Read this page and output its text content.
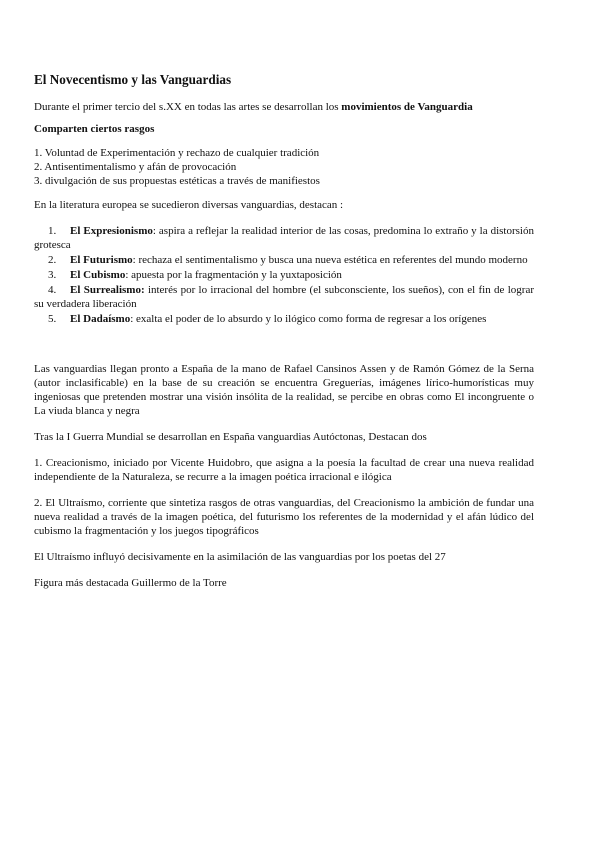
El Novecentismo y las Vanguardias

Durante el primer tercio del s.XX en todas las artes se desarrollan los movimientos de Vanguardia

Comparten ciertos rasgos

1. Voluntad de Experimentación y rechazo de cualquier tradición
2. Antisentimentalismo y afán de provocación
3. divulgación de sus propuestas estéticas a través de manifiestos

En la literatura europea se sucedieron diversas vanguardias, destacan :

1. El Expresionismo: aspira a reflejar la realidad interior de las cosas, predomina lo extraño y la distorsión grotesca
2. El Futurismo: rechaza el sentimentalismo y busca una nueva estética en referentes del mundo moderno
3. El Cubismo: apuesta por la fragmentación y la yuxtaposición
4. El Surrealismo: interés por lo irracional del hombre (el subconsciente, los sueños), con el fin de lograr su verdadera liberación
5. El Dadaísmo: exalta el poder de lo absurdo y lo ilógico como forma de regresar a los orígenes

Las vanguardias llegan pronto a España de la mano de Rafael Cansinos Assen y de Ramón Gómez de la Serna (autor inclasificable) en la base de su creación se encuentra Greguerías, imágenes lírico-humorísticas muy ingeniosas que pretenden mostrar una visión insólita de la realidad, se percibe en obras como El incongruente o La viuda blanca y negra

Tras la I Guerra Mundial se desarrollan en España vanguardias Autóctonas, Destacan dos

1. Creacionismo, iniciado por Vicente Huidobro, que asigna a la poesía la facultad de crear una nueva realidad independiente de la Naturaleza, se recurre a la imagen poética irracional e ilógica

2. El Ultraísmo, corriente que sintetiza rasgos de otras vanguardias, del Creacionismo la ambición de fundar una nueva realidad a través de la imagen poética, del futurismo los referentes de la modernidad y el afán lúdico del cubismo la fragmentación y los juegos tipográficos

El Ultraísmo influyó decisivamente en la asimilación de las vanguardias por los poetas del 27

Figura más destacada Guillermo de la Torre
